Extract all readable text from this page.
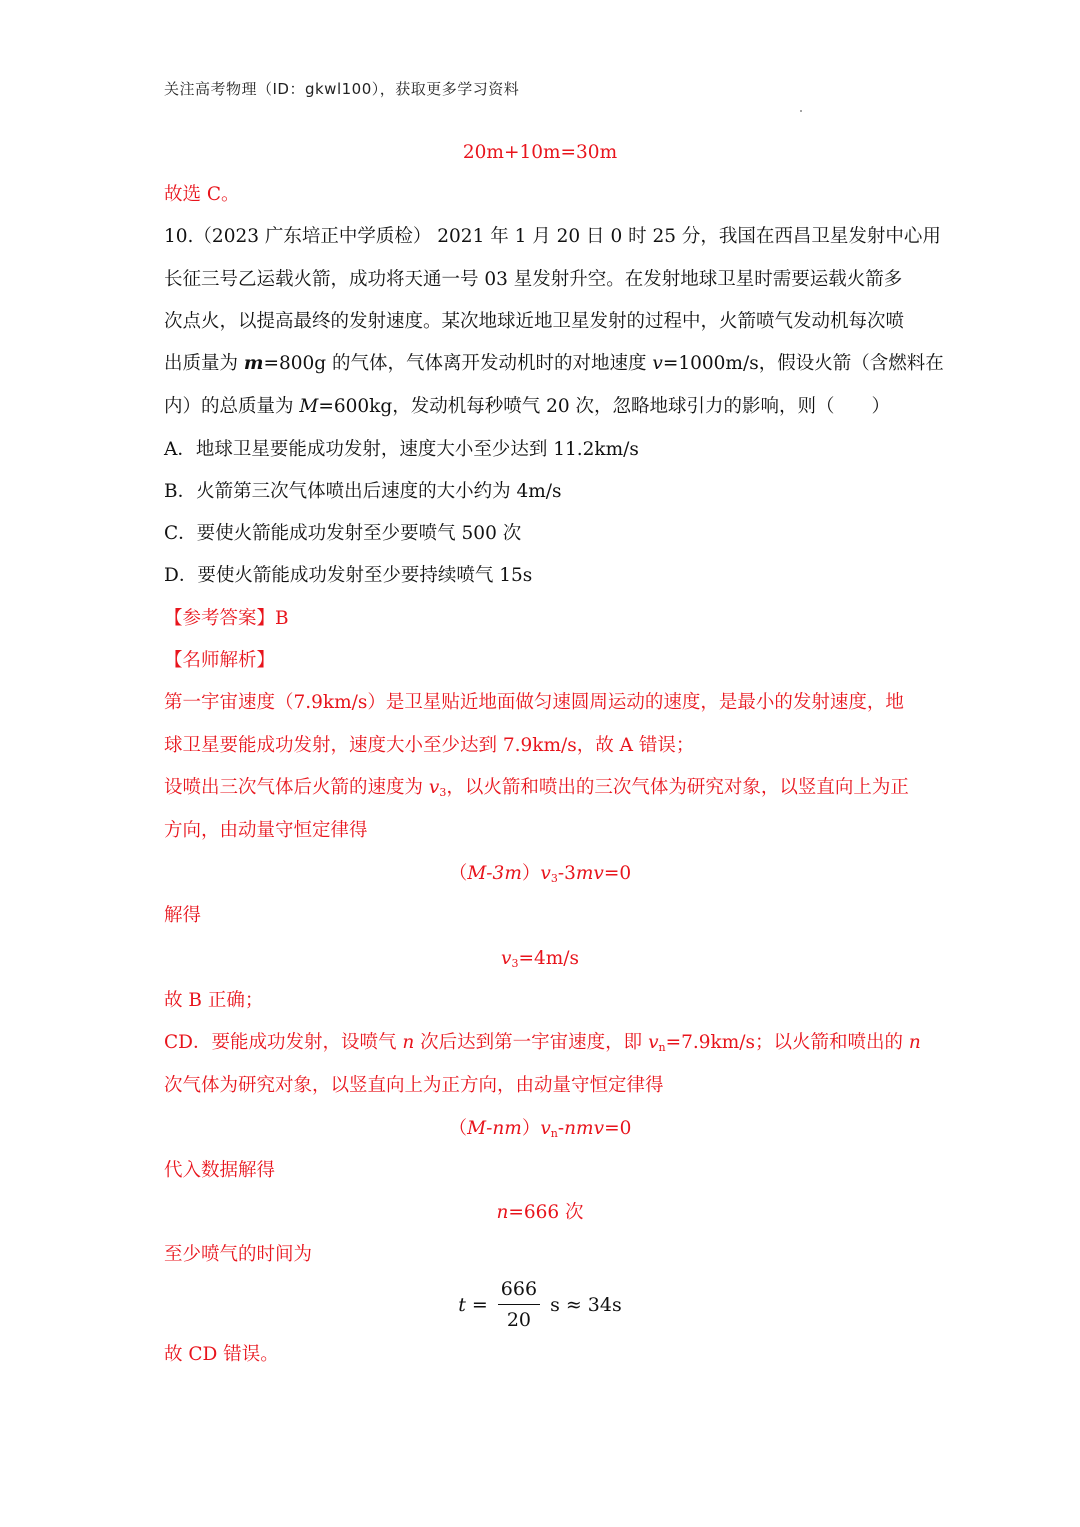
关注高考物理（ID：gkwl100），获取更多学习资料
20m+10m=30m
故选 C。
10.（2023 广东培正中学质检） 2021 年 1 月 20 日 0 时 25 分，我国在西昌卫星发射中心用
长征三号乙运载火箭，成功将天通一号 03 星发射升空。在发射地球卫星时需要运载火箭多
次点火，以提高最终的发射速度。某次地球近地卫星发射的过程中，火箭喷气发动机每次喷
出质量为 m=800g 的气体，气体离开发动机时的对地速度 v=1000m/s，假设火箭（含燃料在
内）的总质量为 M=600kg，发动机每秒喷气 20 次，忽略地球引力的影响，则（　　）
A．地球卫星要能成功发射，速度大小至少达到 11.2km/s
B．火箭第三次气体喷出后速度的大小约为 4m/s
C．要使火箭能成功发射至少要喷气 500 次
D．要使火箭能成功发射至少要持续喷气 15s
【参考答案】B
【名师解析】
第一宇宙速度（7.9km/s）是卫星贴近地面做匀速圆周运动的速度，是最小的发射速度，地
球卫星要能成功发射，速度大小至少达到 7.9km/s，故 A 错误；
设喷出三次气体后火箭的速度为 $v_3$，以火箭和喷出的三次气体为研究对象，以竖直向上为正
方向，由动量守恒定律得
$(M-3m)v_3-3mv=0$
解得
$v_3=4m/s$
故 B 正确；
CD．要能成功发射，设喷气 n 次后达到第一宇宙速度，即 $v_n=7.9km/s$；以火箭和喷出的 n
次气体为研究对象，以竖直向上为正方向，由动量守恒定律得
$(M-nm)v_n-nmv=0$
代入数据解得
n=666 次
至少喷气的时间为
$t = \frac{666}{20}$ s ≈ 34s
故 CD 错误。
